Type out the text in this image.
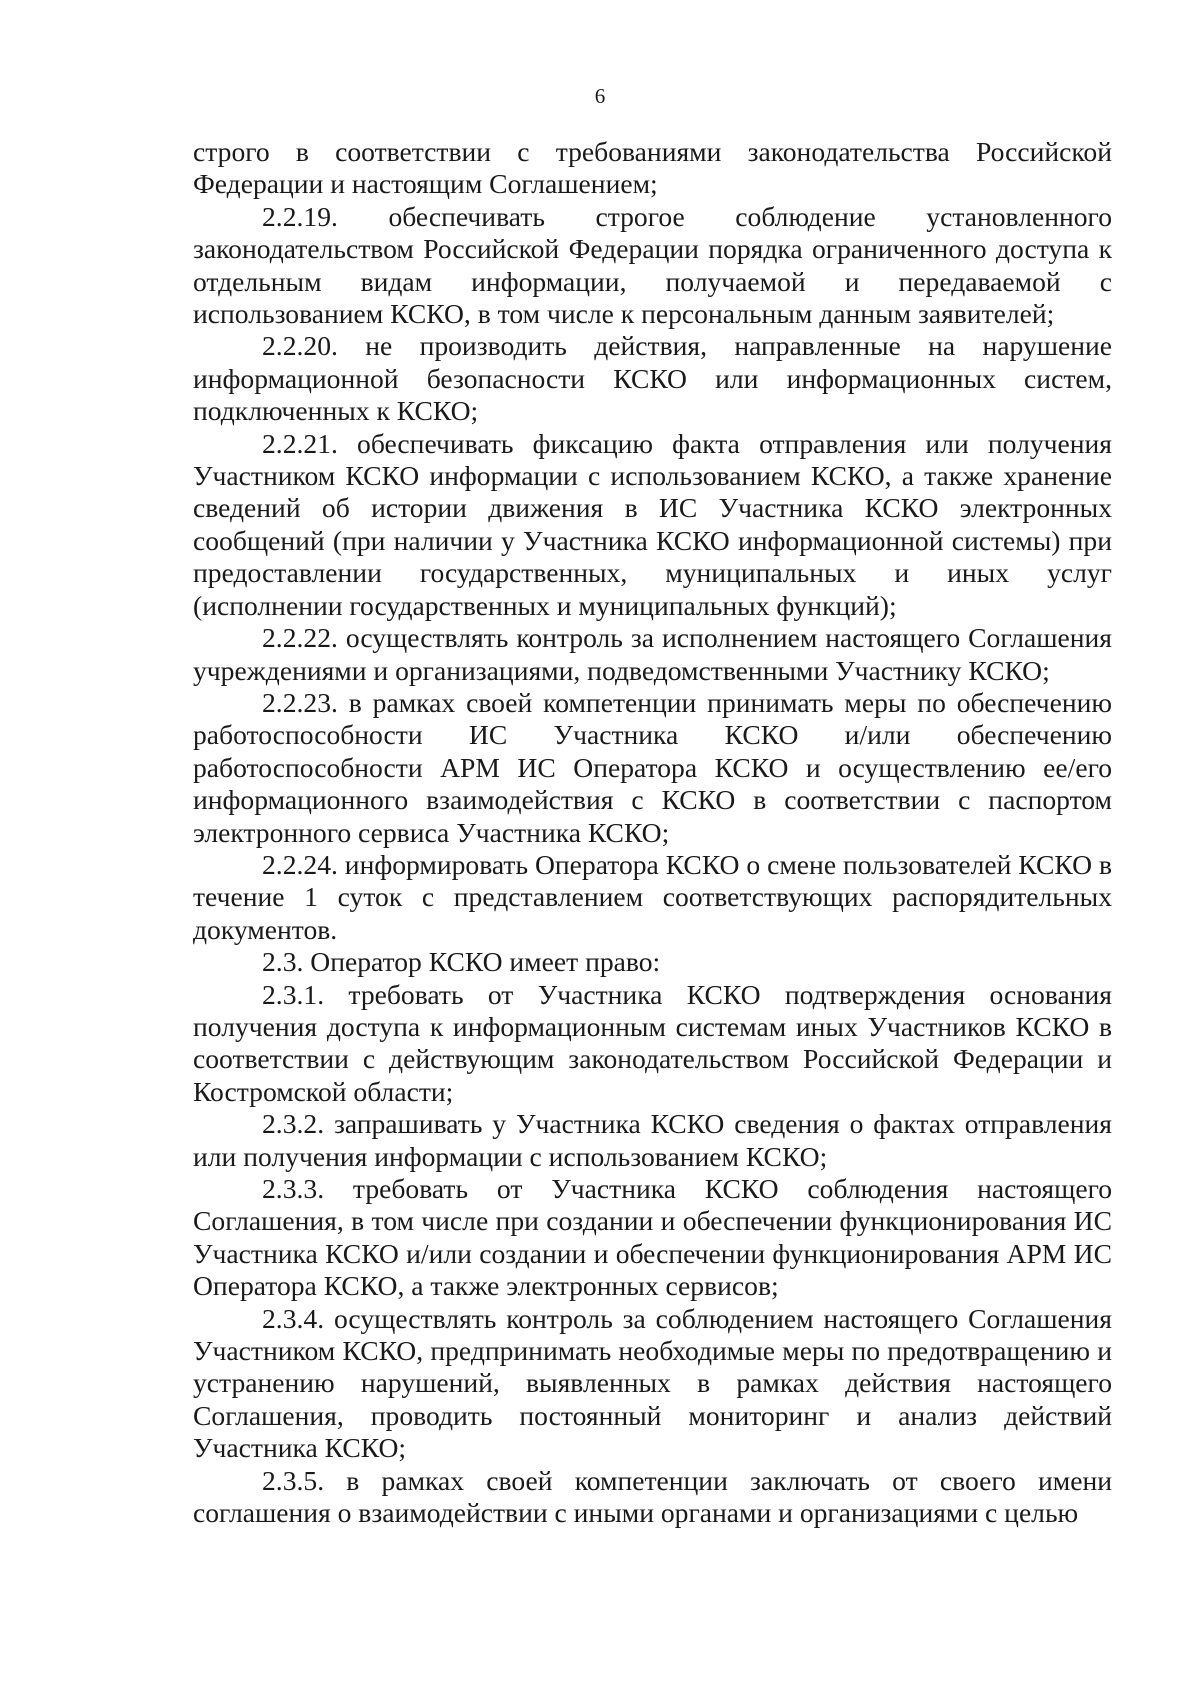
6

строго в соответствии с требованиями законодательства Российской Федерации и настоящим Соглашением;

2.2.19. обеспечивать строгое соблюдение установленного законодательством Российской Федерации порядка ограниченного доступа к отдельным видам информации, получаемой и передаваемой с использованием КСКО, в том числе к персональным данным заявителей;

2.2.20. не производить действия, направленные на нарушение информационной безопасности КСКО или информационных систем, подключенных к КСКО;

2.2.21. обеспечивать фиксацию факта отправления или получения Участником КСКО информации с использованием КСКО, а также хранение сведений об истории движения в ИС Участника КСКО электронных сообщений (при наличии у Участника КСКО информационной системы) при предоставлении государственных, муниципальных и иных услуг (исполнении государственных и муниципальных функций);

2.2.22. осуществлять контроль за исполнением настоящего Соглашения учреждениями и организациями, подведомственными Участнику КСКО;

2.2.23. в рамках своей компетенции принимать меры по обеспечению работоспособности ИС Участника КСКО и/или обеспечению работоспособности АРМ ИС Оператора КСКО и осуществлению ее/его информационного взаимодействия с КСКО в соответствии с паспортом электронного сервиса Участника КСКО;

2.2.24. информировать Оператора КСКО о смене пользователей КСКО в течение 1 суток с представлением соответствующих распорядительных документов.

2.3. Оператор КСКО имеет право:

2.3.1. требовать от Участника КСКО подтверждения основания получения доступа к информационным системам иных Участников КСКО в соответствии с действующим законодательством Российской Федерации и Костромской области;

2.3.2. запрашивать у Участника КСКО сведения о фактах отправления или получения информации с использованием КСКО;

2.3.3. требовать от Участника КСКО соблюдения настоящего Соглашения, в том числе при создании и обеспечении функционирования ИС Участника КСКО и/или создании и обеспечении функционирования АРМ ИС Оператора КСКО, а также электронных сервисов;

2.3.4. осуществлять контроль за соблюдением настоящего Соглашения Участником КСКО, предпринимать необходимые меры по предотвращению и устранению нарушений, выявленных в рамках действия настоящего Соглашения, проводить постоянный мониторинг и анализ действий Участника КСКО;

2.3.5. в рамках своей компетенции заключать от своего имени соглашения о взаимодействии с иными органами и организациями с целью
